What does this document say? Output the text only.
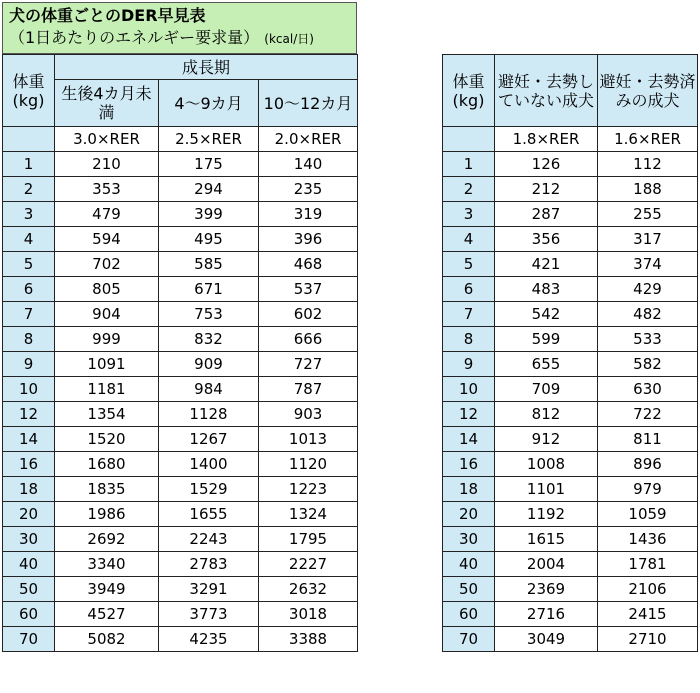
犬の体重ごとのDER早見表
（1日あたりのエネルギー要求量） (kcal/日)
体重
(kg)	成長期		
	生後4カ月未満	4〜9カ月	10〜12カ月
	3.0×RER	2.5×RER	2.0×RER
1	210	175	140
2	353	294	235
3	479	399	319
4	594	495	396
5	702	585	468
6	805	671	537
7	904	753	602
8	999	832	666
9	1091	909	727
10	1181	984	787
12	1354	1128	903
14	1520	1267	1013
16	1680	1400	1120
18	1835	1529	1223
20	1986	1655	1324
30	2692	2243	1795
40	3340	2783	2227
50	3949	3291	2632
60	4527	3773	3018
70	5082	4235	3388
体重
(kg)	避妊・去勢していない成犬	避妊・去勢済みの成犬
	1.8×RER	1.6×RER
1	126	112
2	212	188
3	287	255
4	356	317
5	421	374
6	483	429
7	542	482
8	599	533
9	655	582
10	709	630
12	812	722
14	912	811
16	1008	896
18	1101	979
20	1192	1059
30	1615	1436
40	2004	1781
50	2369	2106
60	2716	2415
70	3049	2710
